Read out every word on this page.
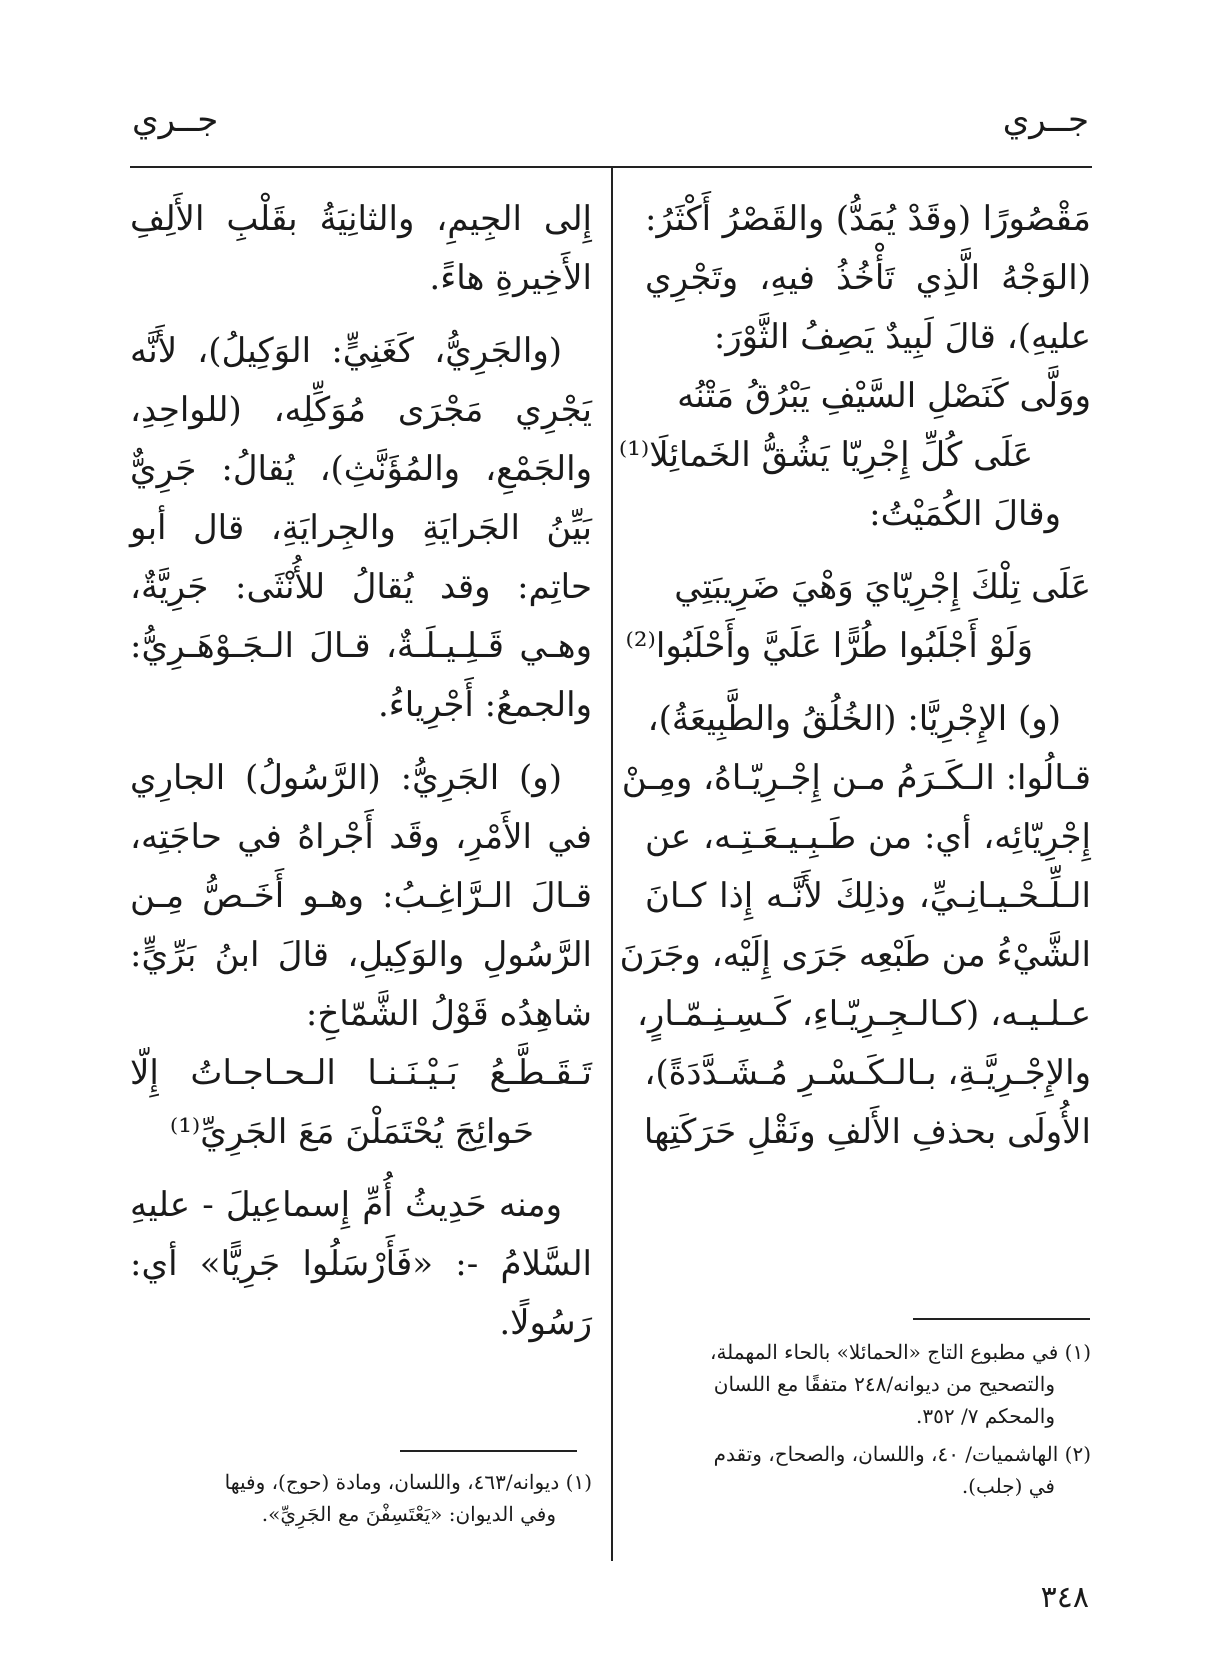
جــري
جــري
مَقْصُورًا (وقَدْ يُمَدُّ) والقَصْرُ أَكْثَرُ:
(الوَجْهُ الَّذِي تَأْخُذُ فيهِ، وتَجْرِي
عليهِ)، قالَ لَبِيدٌ يَصِفُ الثَّوْرَ:
ووَلَّى كَنَصْلِ السَّيْفِ يَبْرُقُ مَتْنُه
عَلَى كُلِّ إِجْرِيّا يَشُقُّ الخَمائِلَا⁽¹⁾
وقالَ الكُمَيْتُ:
عَلَى تِلْكَ إِجْرِيّايَ وَهْيَ ضَرِيبَتِي
وَلَوْ أَجْلَبُوا طُرًّا عَلَيَّ وأَحْلَبُوا⁽²⁾
(و) الإِجْرِيَّا: (الخُلُقُ والطَّبِيعَةُ)،
قـالُوا: الـكَـرَمُ مـن إِجْـرِيّـاهُ، ومِـنْ
إِجْرِيّائِه، أي: من طَـبِـيـعَـتِـه، عن
الـلِّـحْـيـانِـيِّ، وذلِكَ لأَنَّـه إِذا كـانَ
الشَّيْءُ من طَبْعِه جَرَى إِلَيْه، وجَرَنَ
عـلـيـه، (كـالـجِـرِيّـاءِ، كَـسِـنِـمّـارٍ،
والإِجْـرِيَّـةِ، بـالـكَـسْـرِ مُـشَـدَّدَةً)،
الأُولَى بحذفِ الأَلفِ ونَقْلِ حَرَكَتِها
(١) في مطبوع التاج «الحمائلا» بالحاء المهملة،
والتصحيح من ديوانه/٢٤٨ متفقًا مع اللسان
والمحكم ٧/ ٣٥٢.
(٢) الهاشميات/ ٤٠، واللسان، والصحاح، وتقدم
في (جلب).
إِلى الجِيمِ، والثانِيَةُ بقَلْبِ الأَلِفِ
الأَخِيرةِ هاءً.
(والجَرِيُّ، كَغَنِيٍّ: الوَكِيلُ)، لأَنَّه
يَجْرِي مَجْرَى مُوَكِّلِه، (للواحِدِ،
والجَمْعِ، والمُؤَنَّثِ)، يُقالُ: جَرِيٌّ
بَيِّنُ الجَرايَةِ والجِرايَةِ، قال أبو
حاتِم: وقد يُقالُ للأُنْثَى: جَرِيَّةٌ،
وهـي قَـلِـيـلَـةٌ، قـالَ الـجَـوْهَـرِيُّ:
والجمعُ: أَجْرِياءُ.
(و) الجَرِيُّ: (الرَّسُولُ) الجارِي
في الأَمْرِ، وقَد أَجْراهُ في حاجَتِه،
قـالَ الـرَّاغِـبُ: وهـو أَخَـصُّ مِـن
الرَّسُولِ والوَكِيلِ، قالَ ابنُ بَرِّيٍّ:
شاهِدُه قَوْلُ الشَّمّاخِ:
تَـقَـطَّـعُ بَـيْـنَـنـا الـحـاجـاتُ إِلّا
حَوائِجَ يُحْتَمَلْنَ مَعَ الجَرِيِّ⁽¹⁾
ومنه حَدِيثُ أُمِّ إِسماعِيلَ - عليهِ
السَّلامُ -: «فَأَرْسَلُوا جَرِيًّا» أي:
رَسُولًا.
(١) ديوانه/٤٦٣، واللسان، ومادة (حوج)، وفيها
وفي الديوان: «يَعْتَسِفْنَ مع الجَرِيِّ».
٣٤٨
